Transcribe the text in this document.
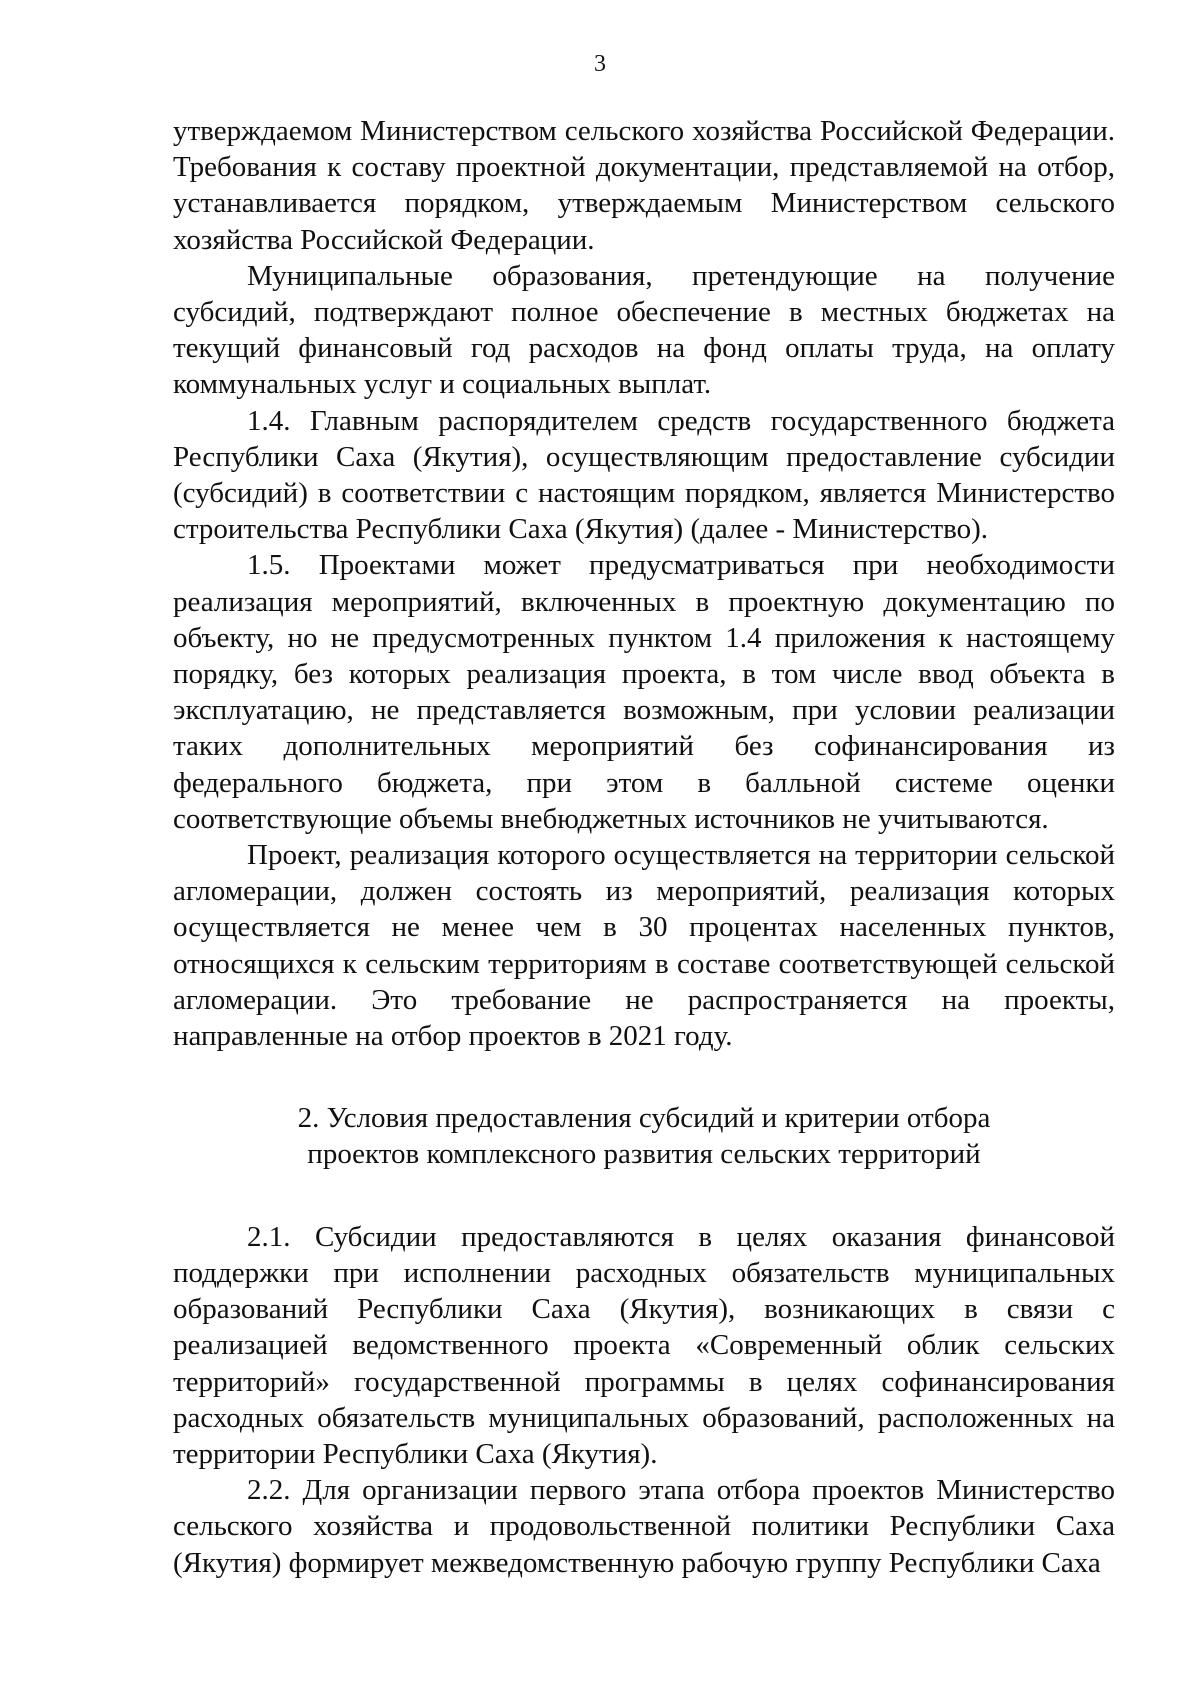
3

утверждаемом Министерством сельского хозяйства Российской Федерации. Требования к составу проектной документации, представляемой на отбор, устанавливается порядком, утверждаемым Министерством сельского хозяйства Российской Федерации.

Муниципальные образования, претендующие на получение субсидий, подтверждают полное обеспечение в местных бюджетах на текущий финансовый год расходов на фонд оплаты труда, на оплату коммунальных услуг и социальных выплат.

1.4. Главным распорядителем средств государственного бюджета Республики Саха (Якутия), осуществляющим предоставление субсидии (субсидий) в соответствии с настоящим порядком, является Министерство строительства Республики Саха (Якутия) (далее - Министерство).

1.5. Проектами может предусматриваться при необходимости реализация мероприятий, включенных в проектную документацию по объекту, но не предусмотренных пунктом 1.4 приложения к настоящему порядку, без которых реализация проекта, в том числе ввод объекта в эксплуатацию, не представляется возможным, при условии реализации таких дополнительных мероприятий без софинансирования из федерального бюджета, при этом в балльной системе оценки соответствующие объемы внебюджетных источников не учитываются.

Проект, реализация которого осуществляется на территории сельской агломерации, должен состоять из мероприятий, реализация которых осуществляется не менее чем в 30 процентах населенных пунктов, относящихся к сельским территориям в составе соответствующей сельской агломерации. Это требование не распространяется на проекты, направленные на отбор проектов в 2021 году.

2. Условия предоставления субсидий и критерии отбора
проектов комплексного развития сельских территорий

2.1. Субсидии предоставляются в целях оказания финансовой поддержки при исполнении расходных обязательств муниципальных образований Республики Саха (Якутия), возникающих в связи с реализацией ведомственного проекта «Современный облик сельских территорий» государственной программы в целях софинансирования расходных обязательств муниципальных образований, расположенных на территории Республики Саха (Якутия).

2.2. Для организации первого этапа отбора проектов Министерство сельского хозяйства и продовольственной политики Республики Саха (Якутия) формирует межведомственную рабочую группу Республики Саха
